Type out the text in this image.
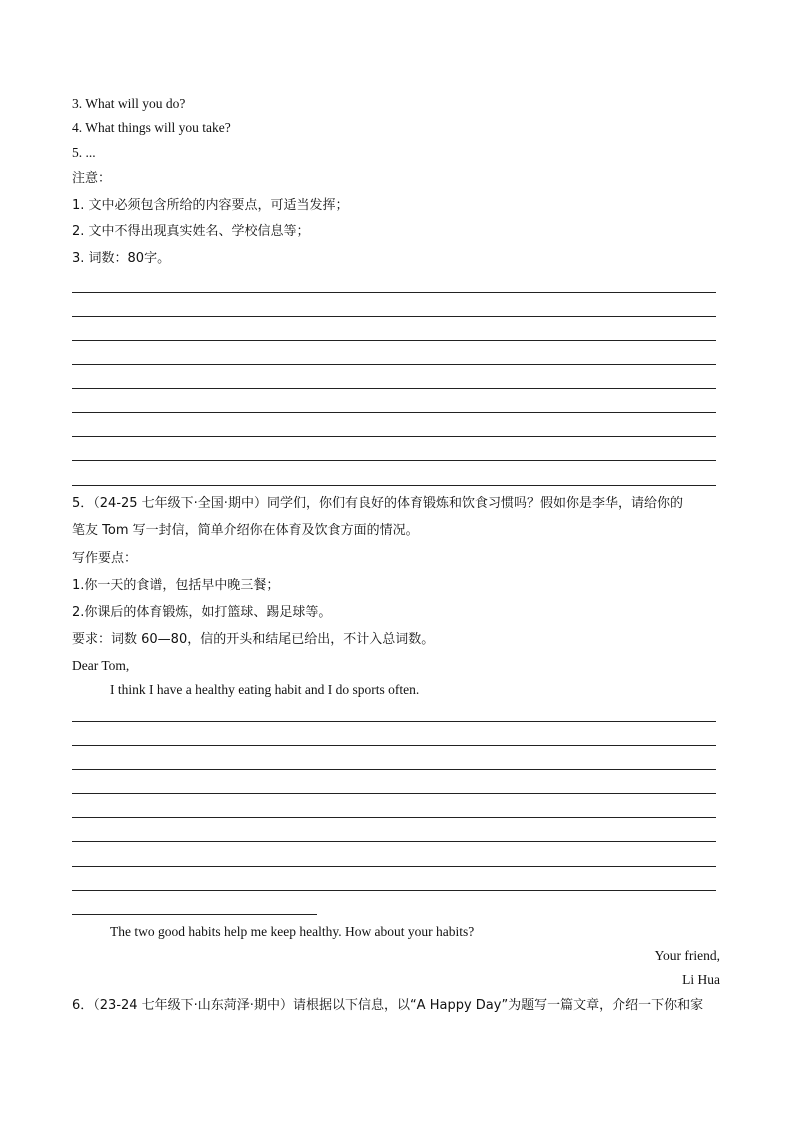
3. What will you do?
4. What things will you take?
5. ...
注意：
1. 文中必须包含所给的内容要点，可适当发挥；
2. 文中不得出现真实姓名、学校信息等；
3. 词数：80字。
5．（24-25 七年级下·全国·期中）同学们，你们有良好的体育锻炼和饮食习惯吗？假如你是李华，请给你的
笔友 Tom 写一封信，简单介绍你在体育及饮食方面的情况。
写作要点：
1.你一天的食谱，包括早中晚三餐；
2.你课后的体育锻炼，如打篮球、踢足球等。
要求：词数 60—80，信的开头和结尾已给出，不计入总词数。
Dear Tom,
I think I have a healthy eating habit and I do sports often.
The two good habits help me keep healthy. How about your habits?
Your friend,
Li Hua
6．（23-24 七年级下·山东菏泽·期中）请根据以下信息，以“A Happy Day”为题写一篇文章，介绍一下你和家
